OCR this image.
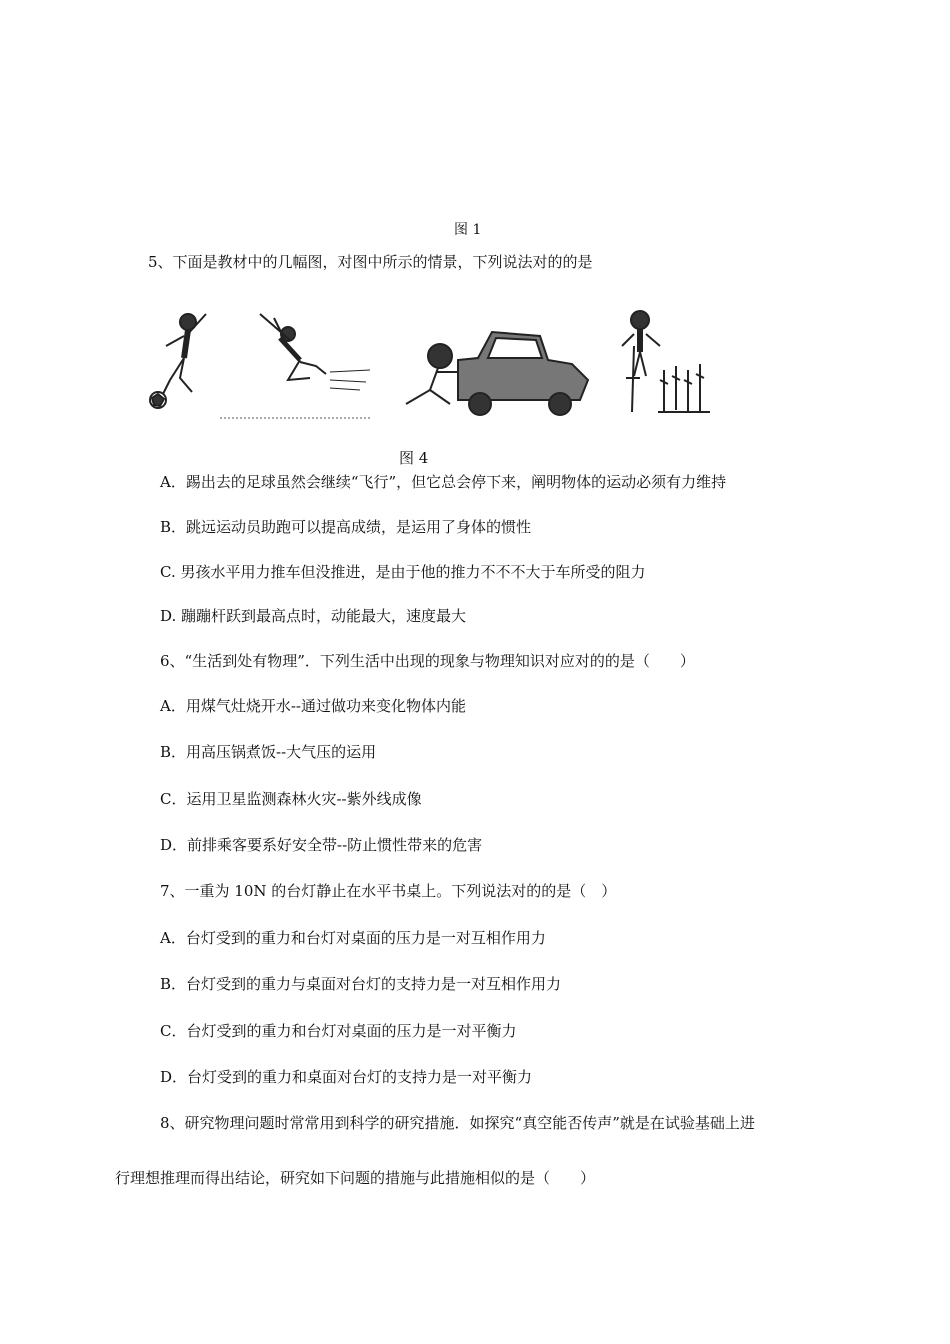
图 1
5、下面是教材中的几幅图，对图中所示的情景，下列说法对的的是
图 4
A．踢出去的足球虽然会继续“飞行”，但它总会停下来，阐明物体的运动必须有力维持
B．跳远运动员助跑可以提高成绩，是运用了身体的惯性
C. 男孩水平用力推车但没推进，是由于他的推力不不不大于车所受的阻力
D. 蹦蹦杆跃到最高点时，动能最大，速度最大
6、“生活到处有物理”．下列生活中出现的现象与物理知识对应对的的是（　　）
A．用煤气灶烧开水--通过做功来变化物体内能
B．用高压锅煮饭--大气压的运用
C．运用卫星监测森林火灾--紫外线成像
D．前排乘客要系好安全带--防止惯性带来的危害
7、一重为 10N 的台灯静止在水平书桌上。下列说法对的的是（　）
A．台灯受到的重力和台灯对桌面的压力是一对互相作用力
B．台灯受到的重力与桌面对台灯的支持力是一对互相作用力
C．台灯受到的重力和台灯对桌面的压力是一对平衡力
D．台灯受到的重力和桌面对台灯的支持力是一对平衡力
8、研究物理问题时常常用到科学的研究措施．如探究“真空能否传声”就是在试验基础上进
行理想推理而得出结论，研究如下问题的措施与此措施相似的是（　　）
